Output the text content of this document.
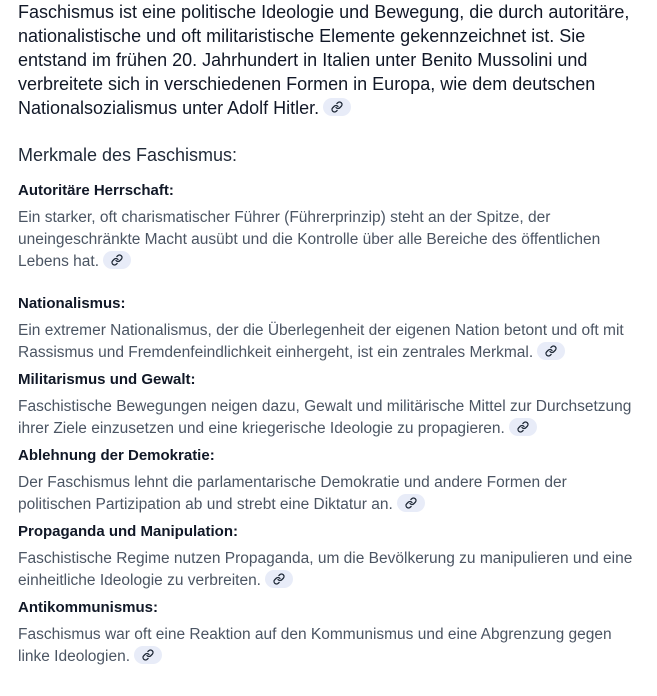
Faschismus ist eine politische Ideologie und Bewegung, die durch autoritäre, nationalistische und oft militaristische Elemente gekennzeichnet ist. Sie entstand im frühen 20. Jahrhundert in Italien unter Benito Mussolini und verbreitete sich in verschiedenen Formen in Europa, wie dem deutschen Nationalsozialismus unter Adolf Hitler.

Merkmale des Faschismus:

Autoritäre Herrschaft:

Ein starker, oft charismatischer Führer (Führerprinzip) steht an der Spitze, der uneingeschränkte Macht ausübt und die Kontrolle über alle Bereiche des öffentlichen Lebens hat.

Nationalismus:

Ein extremer Nationalismus, der die Überlegenheit der eigenen Nation betont und oft mit Rassismus und Fremdenfeindlichkeit einhergeht, ist ein zentrales Merkmal.

Militarismus und Gewalt:

Faschistische Bewegungen neigen dazu, Gewalt und militärische Mittel zur Durchsetzung ihrer Ziele einzusetzen und eine kriegerische Ideologie zu propagieren.

Ablehnung der Demokratie:

Der Faschismus lehnt die parlamentarische Demokratie und andere Formen der politischen Partizipation ab und strebt eine Diktatur an.

Propaganda und Manipulation:

Faschistische Regime nutzen Propaganda, um die Bevölkerung zu manipulieren und eine einheitliche Ideologie zu verbreiten.

Antikommunismus:

Faschismus war oft eine Reaktion auf den Kommunismus und eine Abgrenzung gegen linke Ideologien.
